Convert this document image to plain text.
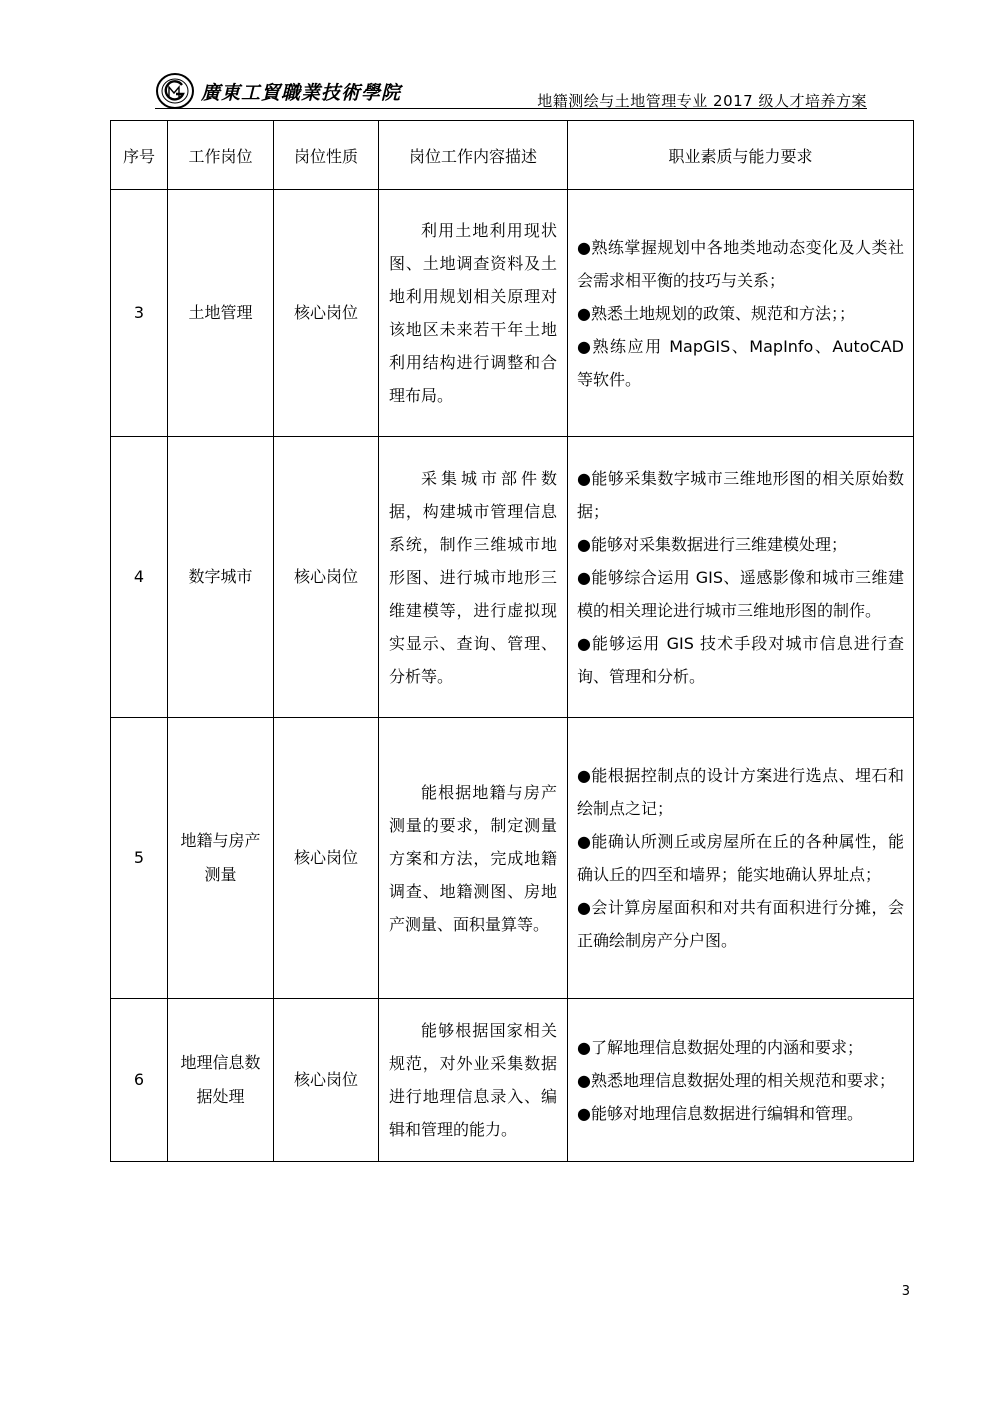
廣東工貿職業技術學院	地籍测绘与土地管理专业 2017 级人才培养方案
序号	工作岗位	岗位性质	岗位工作内容描述	职业素质与能力要求
3	土地管理	核心岗位	利用土地利用现状图、土地调查资料及土地利用规划相关原理对该地区未来若干年土地利用结构进行调整和合理布局。	●熟练掌握规划中各地类地动态变化及人类社会需求相平衡的技巧与关系；

●熟悉土地规划的政策、规范和方法；；

●熟练应用 MapGIS、MapInfo、AutoCAD 等软件。

4	数字城市	核心岗位	采集城市部件数据，构建城市管理信息系统，制作三维城市地形图、进行城市地形三维建模等，进行虚拟现实显示、查询、管理、分析等。	●能够采集数字城市三维地形图的相关原始数据；

●能够对采集数据进行三维建模处理；

●能够综合运用 GIS、遥感影像和城市三维建模的相关理论进行城市三维地形图的制作。

●能够运用 GIS 技术手段对城市信息进行查询、管理和分析。

5	地籍与房产测量	核心岗位	能根据地籍与房产测量的要求，制定测量方案和方法，完成地籍调查、地籍测图、房地产测量、面积量算等。	●能根据控制点的设计方案进行选点、埋石和绘制点之记；

●能确认所测丘或房屋所在丘的各种属性，能确认丘的四至和墙界；能实地确认界址点；

●会计算房屋面积和对共有面积进行分摊，会正确绘制房产分户图。

6	地理信息数据处理	核心岗位	能够根据国家相关规范，对外业采集数据进行地理信息录入、编辑和管理的能力。	●了解地理信息数据处理的内涵和要求；

●熟悉地理信息数据处理的相关规范和要求；

●能够对地理信息数据进行编辑和管理。

3
